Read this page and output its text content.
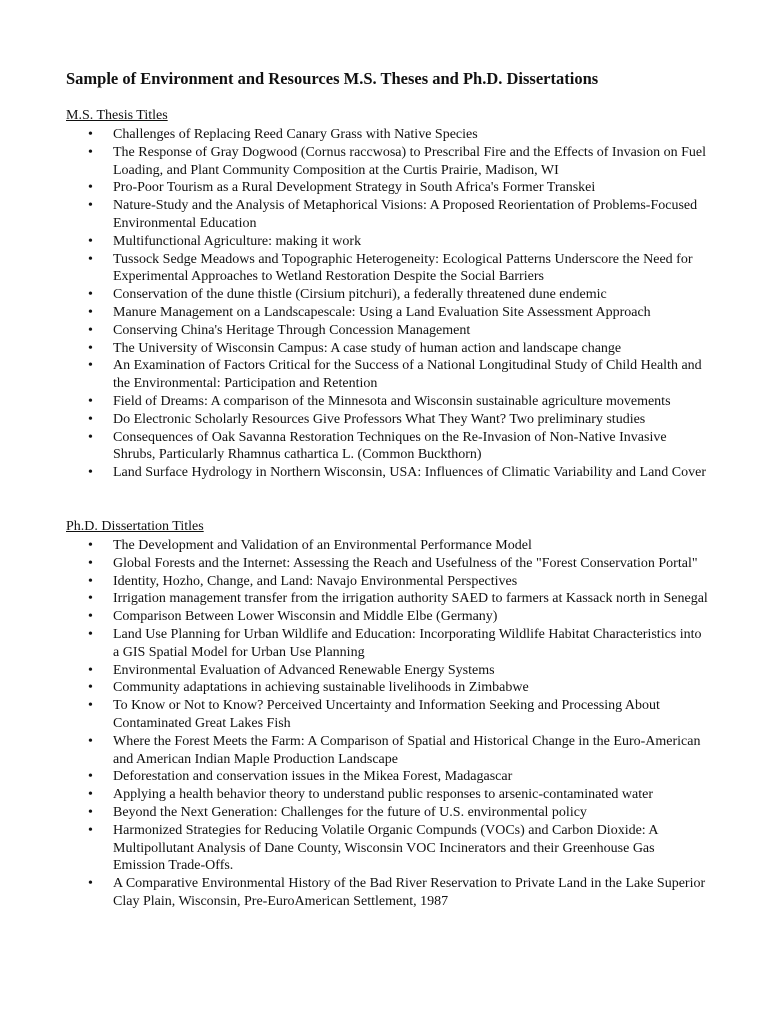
Sample of Environment and Resources M.S. Theses and Ph.D. Dissertations

M.S. Thesis Titles

• Challenges of Replacing Reed Canary Grass with Native Species
• The Response of Gray Dogwood (Cornus raccwosa) to Prescribal Fire and the Effects of Invasion on Fuel Loading, and Plant Community Composition at the Curtis Prairie, Madison, WI
• Pro-Poor Tourism as a Rural Development Strategy in South Africa's Former Transkei
• Nature-Study and the Analysis of Metaphorical Visions: A Proposed Reorientation of Problems-Focused Environmental Education
• Multifunctional Agriculture: making it work
• Tussock Sedge Meadows and Topographic Heterogeneity: Ecological Patterns Underscore the Need for Experimental Approaches to Wetland Restoration Despite the Social Barriers
• Conservation of the dune thistle (Cirsium pitchuri), a federally threatened dune endemic
• Manure Management on a Landscapescale: Using a Land Evaluation Site Assessment Approach
• Conserving China's Heritage Through Concession Management
• The University of Wisconsin Campus: A case study of human action and landscape change
• An Examination of Factors Critical for the Success of a National Longitudinal Study of Child Health and the Environmental: Participation and Retention
• Field of Dreams: A comparison of the Minnesota and Wisconsin sustainable agriculture movements
• Do Electronic Scholarly Resources Give Professors What They Want? Two preliminary studies
• Consequences of Oak Savanna Restoration Techniques on the Re-Invasion of Non-Native Invasive Shrubs, Particularly Rhamnus cathartica L. (Common Buckthorn)
• Land Surface Hydrology in Northern Wisconsin, USA: Influences of Climatic Variability and Land Cover

Ph.D. Dissertation Titles

• The Development and Validation of an Environmental Performance Model
• Global Forests and the Internet: Assessing the Reach and Usefulness of the "Forest Conservation Portal"
• Identity, Hozho, Change, and Land: Navajo Environmental Perspectives
• Irrigation management transfer from the irrigation authority SAED to farmers at Kassack north in Senegal
• Comparison Between Lower Wisconsin and Middle Elbe (Germany)
• Land Use Planning for Urban Wildlife and Education: Incorporating Wildlife Habitat Characteristics into a GIS Spatial Model for Urban Use Planning
• Environmental Evaluation of Advanced Renewable Energy Systems
• Community adaptations in achieving sustainable livelihoods in Zimbabwe
• To Know or Not to Know? Perceived Uncertainty and Information Seeking and Processing About Contaminated Great Lakes Fish
• Where the Forest Meets the Farm: A Comparison of Spatial and Historical Change in the Euro-American and American Indian Maple Production Landscape
• Deforestation and conservation issues in the Mikea Forest, Madagascar
• Applying a health behavior theory to understand public responses to arsenic-contaminated water
• Beyond the Next Generation: Challenges for the future of U.S. environmental policy
• Harmonized Strategies for Reducing Volatile Organic Compunds (VOCs) and Carbon Dioxide: A Multipollutant Analysis of Dane County, Wisconsin VOC Incinerators and their Greenhouse Gas Emission Trade-Offs.
• A Comparative Environmental History of the Bad River Reservation to Private Land in the Lake Superior Clay Plain, Wisconsin, Pre-EuroAmerican Settlement, 1987
